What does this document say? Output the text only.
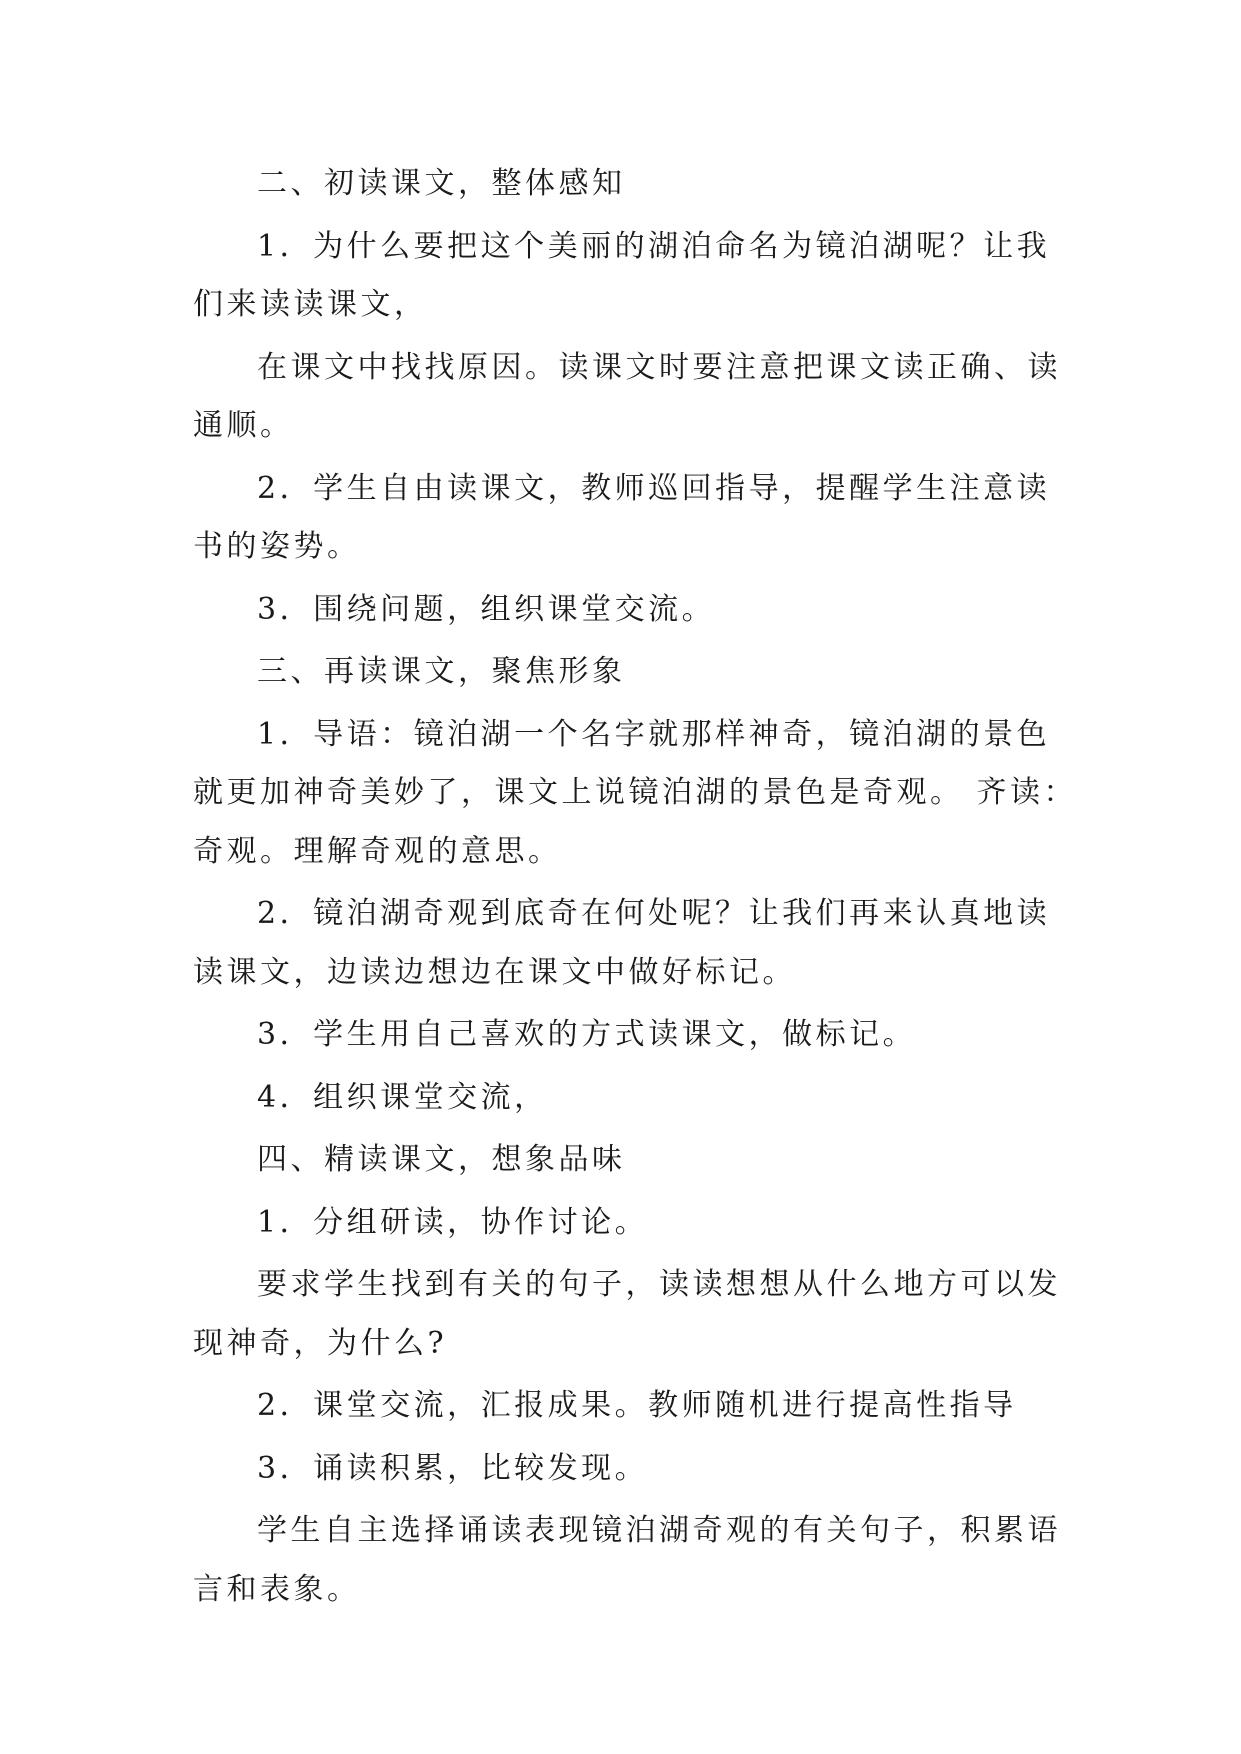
二、初读课文，整体感知

1．为什么要把这个美丽的湖泊命名为镜泊湖呢？让我们来读读课文，

在课文中找找原因。读课文时要注意把课文读正确、读通顺。

2．学生自由读课文，教师巡回指导，提醒学生注意读书的姿势。

3．围绕问题，组织课堂交流。

三、再读课文，聚焦形象

1．导语：镜泊湖一个名字就那样神奇，镜泊湖的景色就更加神奇美妙了，课文上说镜泊湖的景色是奇观。 齐读：奇观。理解奇观的意思。

2．镜泊湖奇观到底奇在何处呢？让我们再来认真地读读课文，边读边想边在课文中做好标记。

3．学生用自己喜欢的方式读课文，做标记。

4．组织课堂交流，

四、精读课文，想象品味

1．分组研读，协作讨论。

要求学生找到有关的句子，读读想想从什么地方可以发现神奇，为什么?

2．课堂交流，汇报成果。教师随机进行提高性指导

3．诵读积累，比较发现。

学生自主选择诵读表现镜泊湖奇观的有关句子，积累语言和表象。
